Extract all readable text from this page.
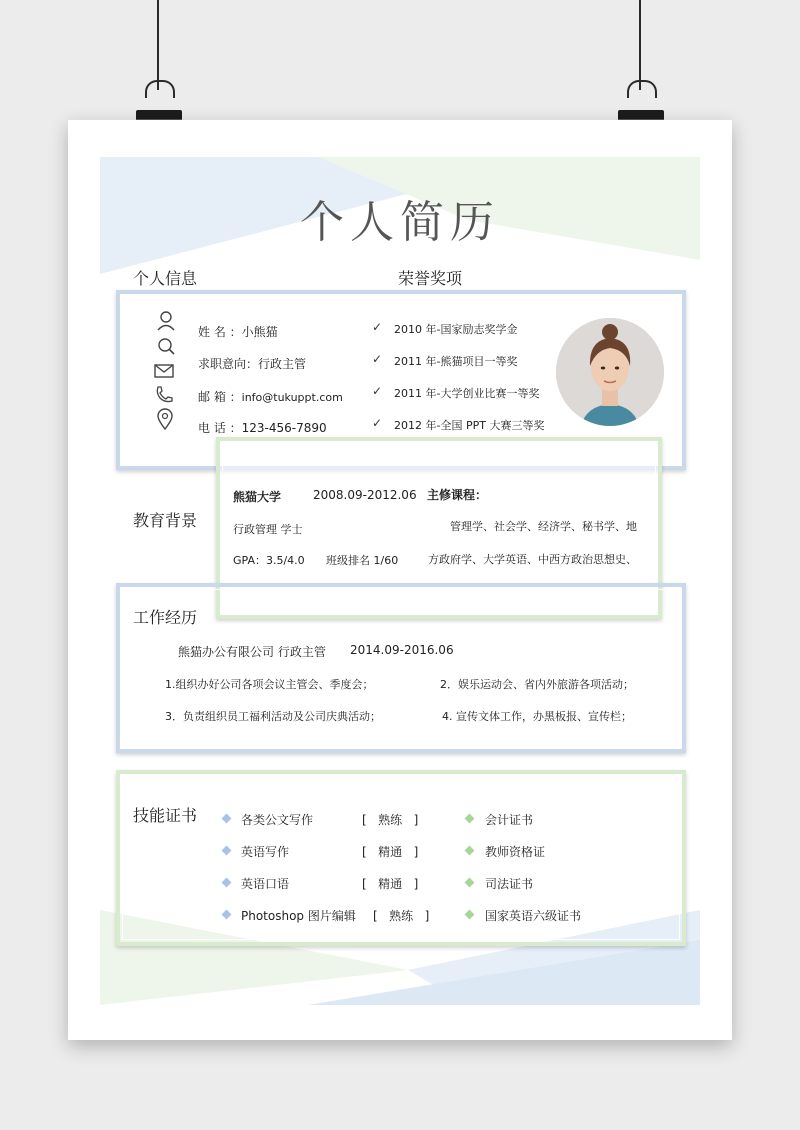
个人简历
个人信息	荣誉奖项
姓 名 ：小熊猫
求职意向：行政主管
邮 箱 ：info@tukuppt.com
电 话 ：123-456-7890
✓ 2010 年-国家励志奖学金
✓ 2011 年-熊猫项目一等奖
✓ 2011 年-大学创业比赛一等奖
✓ 2012 年-全国 PPT 大赛三等奖
教育背景
熊猫大学	2008.09-2012.06 主修课程：
行政管理 学士	管理学、社会学、经济学、秘书学、地
GPA：3.5/4.0 班级排名 1/60	方政府学、大学英语、中西方政治思想史、
工作经历
熊猫办公有限公司 行政主管 2014.09-2016.06
1.组织办好公司各项会议主管会、季度会；	2．娱乐运动会、省内外旅游各项活动；
3．负责组织员工福利活动及公司庆典活动；	4. 宣传文体工作，办黑板报、宣传栏；
技能证书	各类公文写作	[   熟练   ]	会计证书
英语写作	[   精通   ]	教师资格证
英语口语	[   精通   ]	司法证书
Photoshop 图片编辑 [   熟练   ]	国家英语六级证书
